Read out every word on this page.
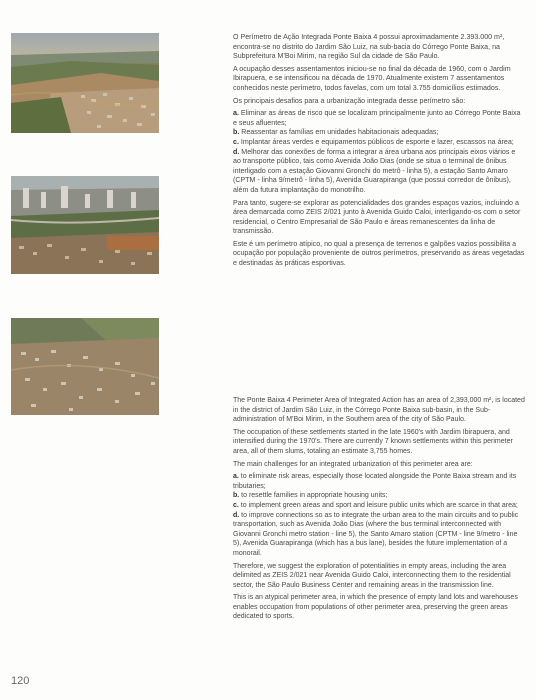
O Perímetro de Ação Integrada Ponte Baixa 4 possui aproximadamente 2.393.000 m², encontra-se no distrito do Jardim São Luiz, na sub-bacia do Córrego Ponte Baixa, na Subprefeitura M'Boi Mirim, na região Sul da cidade de São Paulo.

A ocupação desses assentamentos iniciou-se no final da década de 1960, com o Jardim Ibirapuera, e se intensificou na década de 1970. Atualmente existem 7 assentamentos conhecidos neste perímetro, todos favelas, com um total 3.755 domicílios estimados.

Os principais desafios para a urbanização integrada desse perímetro são:

a. Eliminar as áreas de risco que se localizam principalmente junto ao Córrego Ponte Baixa e seus afluentes;

b. Reassentar as famílias em unidades habitacionais adequadas;

c. Implantar áreas verdes e equipamentos públicos de esporte e lazer, escassos na área;

d. Melhorar das conexões de forma a integrar a área urbana aos principais eixos viários e ao transporte público, tais como Avenida João Dias (onde se situa o terminal de ônibus interligado com a estação Giovanni Gronchi do metrô - linha 5), a estação Santo Amaro (CPTM - linha 9/metrô - linha 5), Avenida Guarapiranga (que possui corredor de ônibus), além da futura implantação do monotrilho.

Para tanto, sugere-se explorar as potencialidades dos grandes espaços vazios, incluindo a área demarcada como ZEIS 2/021 junto à Avenida Guido Caloi, interligando-os com o setor residencial, o Centro Empresarial de São Paulo e áreas remanescentes da linha de transmissão.

Este é um perímetro atípico, no qual a presença de terrenos e galpões vazios possibilita a ocupação por população proveniente de outros perímetros, preservando as áreas vegetadas e destinadas às práticas esportivas.

The Ponte Baixa 4 Perimeter Area of Integrated Action has an area of 2,393,000 m², is located in the district of Jardim São Luiz, in the Córrego Ponte Baixa sub-basin, in the Sub-administration of M'Boi Mirim, in the Southern area of the city of São Paulo.

The occupation of these settlements started in the late 1960's with Jardim Ibirapuera, and intensified during the 1970's. There are currently 7 known settlements within this perimeter area, all of them slums, totaling an estimate 3,755 homes.

The main challenges for an integrated urbanization of this perimeter area are:

a. to eliminate risk areas, especially those located alongside the Ponte Baixa stream and its tributaries;

b. to resettle families in appropriate housing units;

c. to implement green areas and sport and leisure public units which are scarce in that area;

d. to improve connections so as to integrate the urban area to the main circuits and to public transportation, such as Avenida João Dias (where the bus terminal interconnected with Giovanni Gronchi metro station - line 5), the Santo Amaro station (CPTM - line 9/metro - line 5), Avenida Guarapiranga (which has a bus lane), besides the future implementation of a monorail.

Therefore, we suggest the exploration of potentialities in empty areas, including the area delimited as ZEIS 2/021 near Avenida Guido Caloi, interconnecting them to the residential sector, the São Paulo Business Center and remaining areas in the transmission line.

This is an atypical perimeter area, in which the presence of empty land lots and warehouses enables occupation from populations of other perimeter area, preserving the green areas dedicated to sports.

120
